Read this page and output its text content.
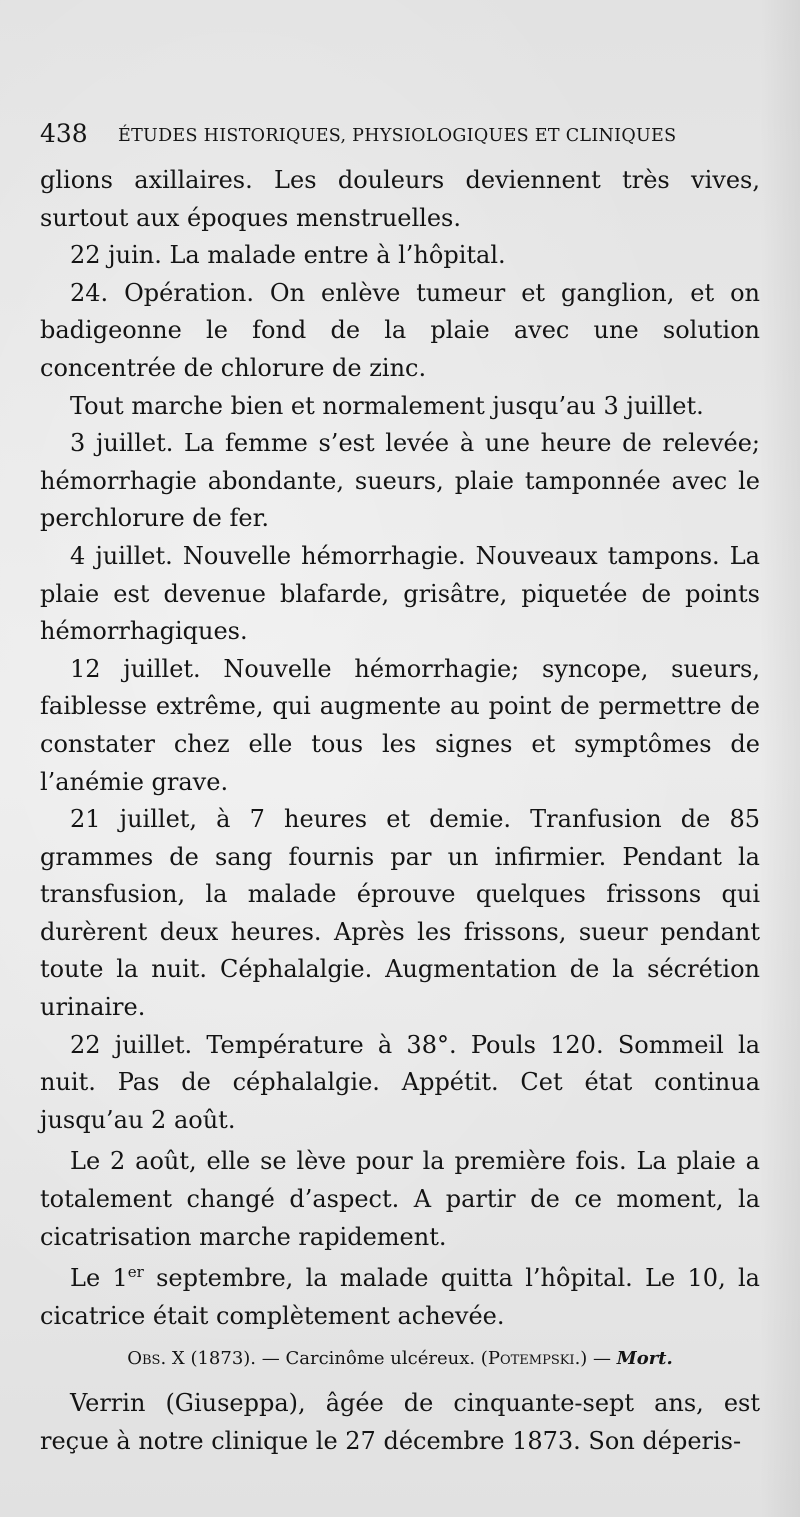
438 ÉTUDES HISTORIQUES, PHYSIOLOGIQUES ET CLINIQUES

glions axillaires. Les douleurs deviennent très vives, surtout aux époques menstruelles.

22 juin. La malade entre à l’hôpital.

24. Opération. On enlève tumeur et ganglion, et on badigeonne le fond de la plaie avec une solution concentrée de chlorure de zinc.

Tout marche bien et normalement jusqu’au 3 juillet.

3 juillet. La femme s’est levée à une heure de relevée; hémorrhagie abondante, sueurs, plaie tamponnée avec le perchlorure de fer.

4 juillet. Nouvelle hémorrhagie. Nouveaux tampons. La plaie est devenue blafarde, grisâtre, piquetée de points hémorrhagiques.

12 juillet. Nouvelle hémorrhagie; syncope, sueurs, faiblesse extrême, qui augmente au point de permettre de constater chez elle tous les signes et symptômes de l’anémie grave.

21 juillet, à 7 heures et demie. Tranfusion de 85 grammes de sang fournis par un infirmier. Pendant la transfusion, la malade éprouve quelques frissons qui durèrent deux heures. Après les frissons, sueur pendant toute la nuit. Céphalalgie. Augmentation de la sécrétion urinaire.

22 juillet. Température à 38°. Pouls 120. Sommeil la nuit. Pas de céphalalgie. Appétit. Cet état continua jusqu’au 2 août.

Le 2 août, elle se lève pour la première fois. La plaie a totalement changé d’aspect. A partir de ce moment, la cicatrisation marche rapidement.

Le 1er septembre, la malade quitta l’hôpital. Le 10, la cicatrice était complètement achevée.

Obs. X (1873). — Carcinôme ulcéreux. (Potempski.) — Mort.

Verrin (Giuseppa), âgée de cinquante-sept ans, est reçue à notre clinique le 27 décembre 1873. Son déperis-
